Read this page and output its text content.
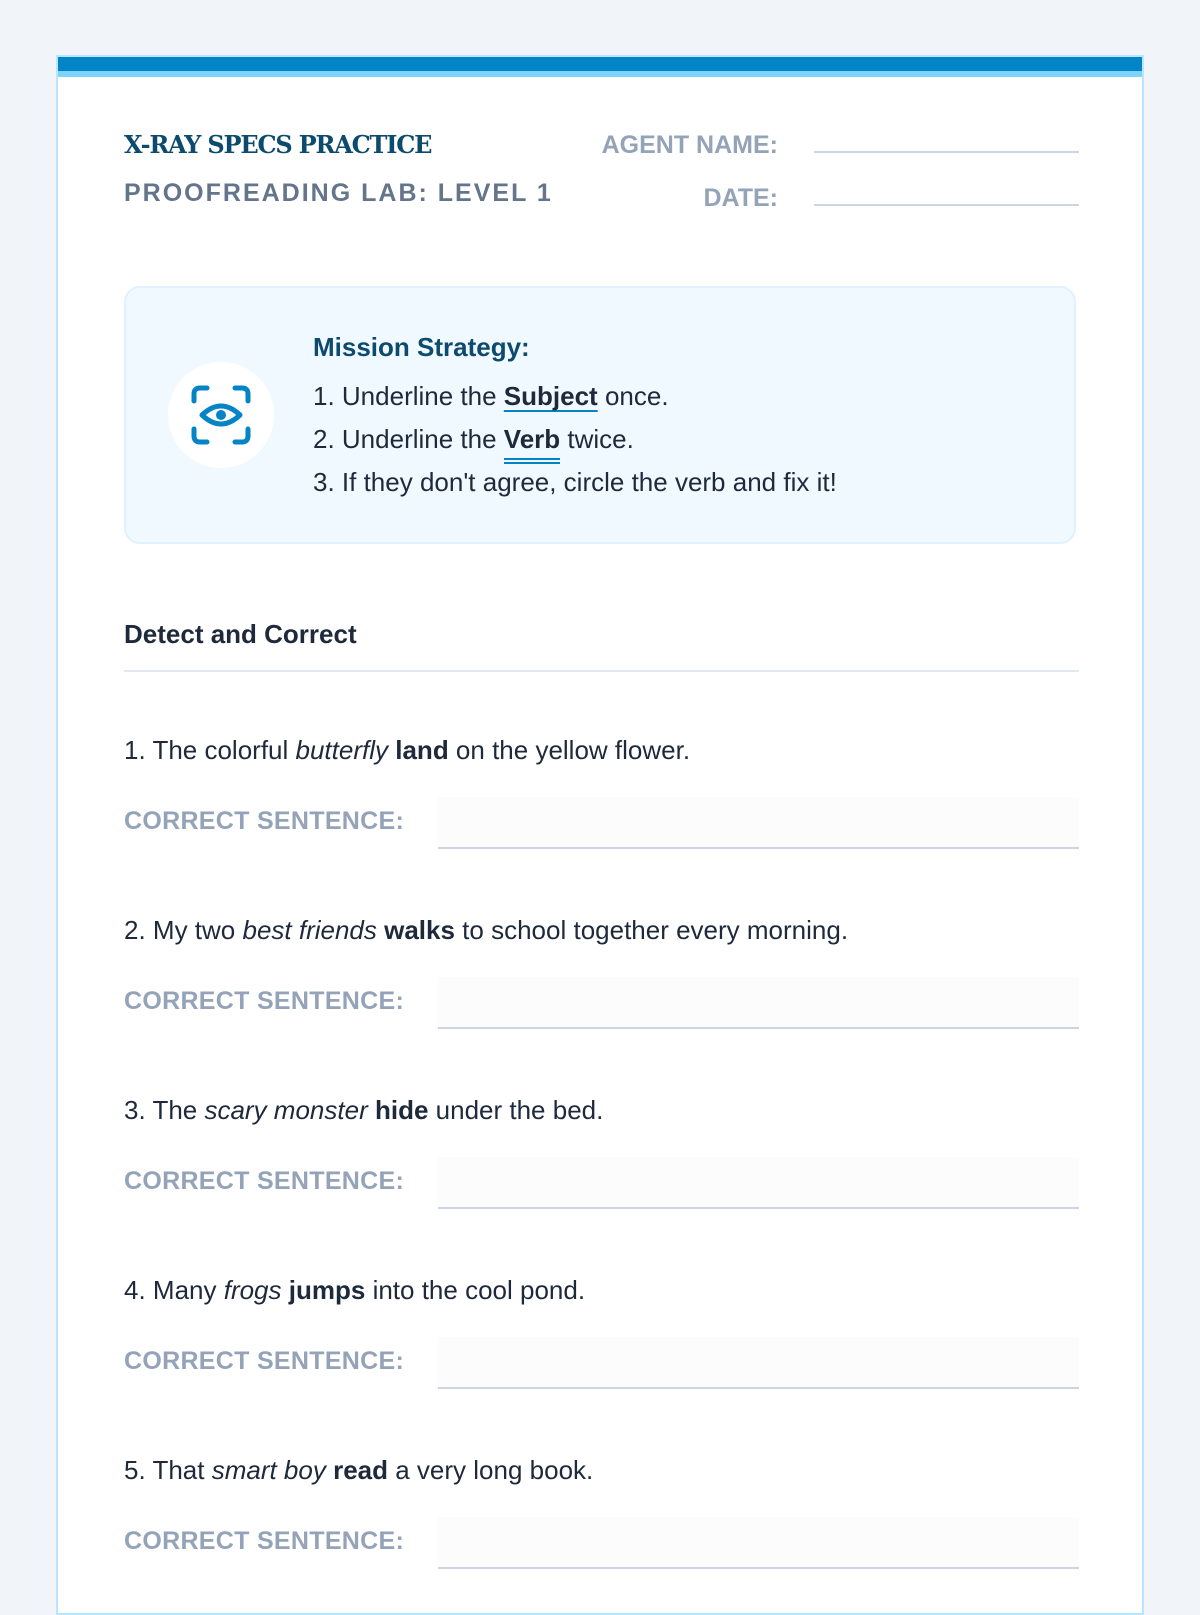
X-RAY SPECS PRACTICE
PROOFREADING LAB: LEVEL 1
AGENT NAME:
DATE:
Mission Strategy:
1. Underline the Subject once.
2. Underline the Verb twice.
3. If they don't agree, circle the verb and fix it!
Detect and Correct
1. The colorful butterfly land on the yellow flower.
CORRECT SENTENCE:
2. My two best friends walks to school together every morning.
CORRECT SENTENCE:
3. The scary monster hide under the bed.
CORRECT SENTENCE:
4. Many frogs jumps into the cool pond.
CORRECT SENTENCE:
5. That smart boy read a very long book.
CORRECT SENTENCE:
